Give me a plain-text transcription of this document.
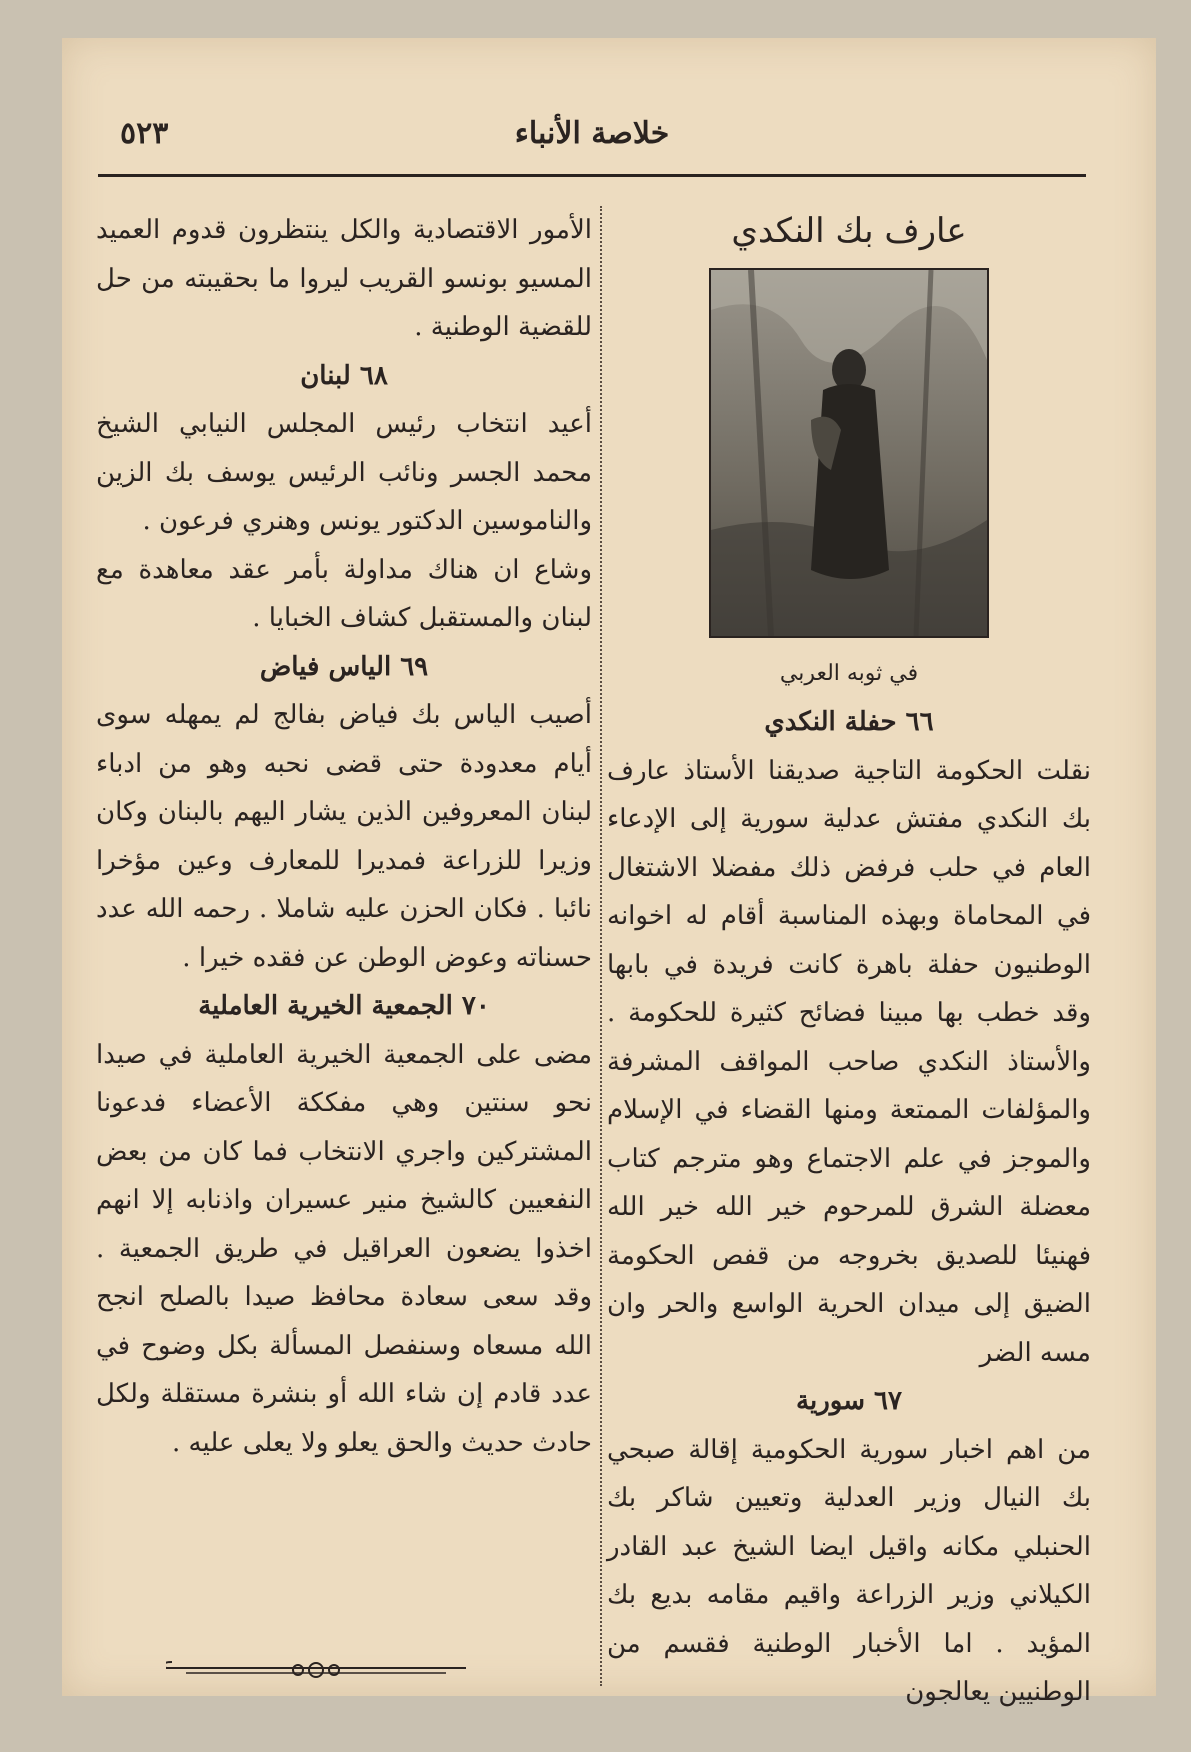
خلاصة الأنباء
٥٢٣
عارف بك النكدي
في ثوبه العربي
٦٦ حفلة النكدي

نقلت الحكومة التاجية صديقنا الأستاذ عارف بك النكدي مفتش عدلية سورية إلى الإدعاء العام في حلب فرفض ذلك مفضلا الاشتغال في المحاماة وبهذه المناسبة أقام له اخوانه الوطنيون حفلة باهرة كانت فريدة في بابها وقد خطب بها مبينا فضائح كثيرة للحكومة . والأستاذ النكدي صاحب المواقف المشرفة والمؤلفات الممتعة ومنها القضاء في الإسلام والموجز في علم الاجتماع وهو مترجم كتاب معضلة الشرق للمرحوم خير الله خير الله فهنيئا للصديق بخروجه من قفص الحكومة الضيق إلى ميدان الحرية الواسع والحر وان مسه الضر

٦٧ سورية

من اهم اخبار سورية الحكومية إقالة صبحي بك النيال وزير العدلية وتعيين شاكر بك الحنبلي مكانه واقيل ايضا الشيخ عبد القادر الكيلاني وزير الزراعة واقيم مقامه بديع بك المؤيد . اما الأخبار الوطنية فقسم من الوطنيين يعالجون

الأمور الاقتصادية والكل ينتظرون قدوم العميد المسيو بونسو القريب ليروا ما بحقيبته من حل للقضية الوطنية .

٦٨ لبنان

أعيد انتخاب رئيس المجلس النيابي الشيخ محمد الجسر ونائب الرئيس يوسف بك الزين والناموسين الدكتور يونس وهنري فرعون .

وشاع ان هناك مداولة بأمر عقد معاهدة مع لبنان والمستقبل كشاف الخبايا .

٦٩ الياس فياض

أصيب الياس بك فياض بفالج لم يمهله سوى أيام معدودة حتى قضى نحبه وهو من ادباء لبنان المعروفين الذين يشار اليهم بالبنان وكان وزيرا للزراعة فمديرا للمعارف وعين مؤخرا نائبا . فكان الحزن عليه شاملا . رحمه الله عدد حسناته وعوض الوطن عن فقده خيرا .

٧٠ الجمعية الخيرية العاملية

مضى على الجمعية الخيرية العاملية في صيدا نحو سنتين وهي مفككة الأعضاء فدعونا المشتركين واجري الانتخاب فما كان من بعض النفعيين كالشيخ منير عسيران واذنابه إلا انهم اخذوا يضعون العراقيل في طريق الجمعية . وقد سعى سعادة محافظ صيدا بالصلح انجح الله مسعاه وسنفصل المسألة بكل وضوح في عدد قادم إن شاء الله أو بنشرة مستقلة ولكل حادث حديث والحق يعلو ولا يعلى عليه .
